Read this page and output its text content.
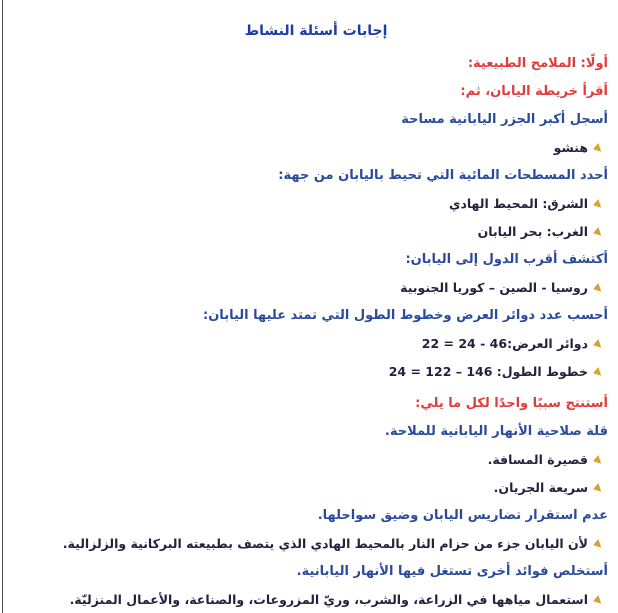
إجابات أسئلة النشاط
أولًا: الملامح الطبيعية:
أقرأ خريطة اليابان، ثم:
أسجل أكبر الجزر اليابانية مساحة
هنشو
أحدد المسطحات المائية التي تحيط باليابان من جهة:
الشرق: المحيط الهادي
الغرب: بحر اليابان
أكتشف أقرب الدول إلى اليابان:
روسيا - الصين – كوريا الجنوبية
أحسب عدد دوائر العرض وخطوط الطول التي تمتد عليها اليابان:
دوائر العرض:46 - 24 = 22
خطوط الطول: 146 – 122 = 24
أستنتج سببًا واحدًا لكل ما يلي:
قلة صلاحية الأنهار اليابانية للملاحة.
قصيرة المسافة.
سريعة الجريان.
عدم استقرار تضاريس اليابان وضيق سواحلها.
لأن اليابان جزء من حزام النار بالمحيط الهادي الذي يتصف بطبيعته البركانية والزلزالية.
أستخلص فوائد أخرى تستغل فيها الأنهار اليابانية.
استعمال مياهها في الزراعة، والشرب، وريّ المزروعات، والصناعة، والأعمال المنزليّة.
